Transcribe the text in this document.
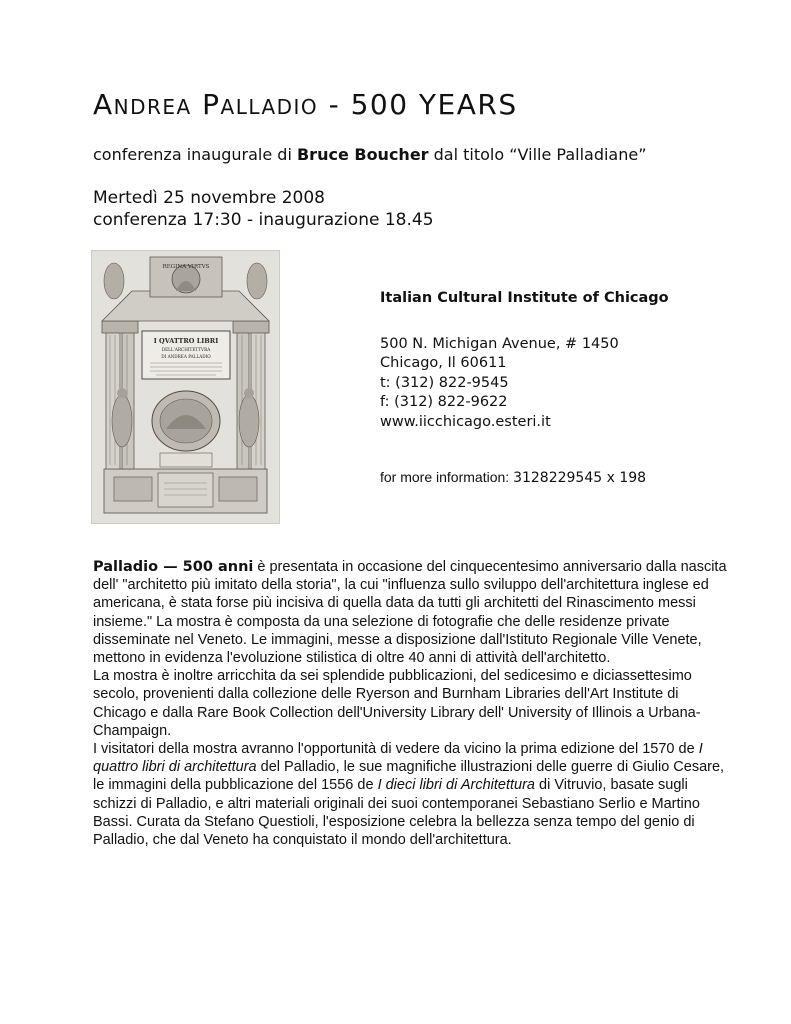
Andrea Palladio - 500 YEARS
conferenza inaugurale di Bruce Boucher dal titolo “Ville Palladiane”
Mertedì 25 novembre 2008
conferenza 17:30 - inaugurazione 18.45
REGINA VIRTVS
I QVATTRO LIBRI
DELL'ARCHITETTVRA
DI ANDREA PALLADIO
Italian Cultural Institute of Chicago
500 N. Michigan Avenue, # 1450
Chicago, Il 60611
t: (312) 822-9545
f: (312) 822-9622
www.iicchicago.esteri.it
for more information: 3128229545 x 198

Palladio — 500 anni è presentata in occasione del cinquecentesimo anniversario dalla nascita dell' "architetto più imitato della storia", la cui "influenza sullo sviluppo dell'architettura inglese ed americana, è stata forse più incisiva di quella data da tutti gli architetti del Rinascimento messi insieme." La mostra è composta da una selezione di fotografie che delle residenze private disseminate nel Veneto. Le immagini, messe a disposizione dall'Istituto Regionale Ville Venete, mettono in evidenza l'evoluzione stilistica di oltre 40 anni di attività dell'architetto.

La mostra è inoltre arricchita da sei splendide pubblicazioni, del sedicesimo e diciassettesimo secolo, provenienti dalla collezione delle Ryerson and Burnham Libraries dell'Art Institute di Chicago e dalla Rare Book Collection dell'University Library dell' University of Illinois a Urbana-Champaign.

I visitatori della mostra avranno l'opportunità di vedere da vicino la prima edizione del 1570 de I quattro libri di architettura del Palladio, le sue magnifiche illustrazioni delle guerre di Giulio Cesare, le immagini della pubblicazione del 1556 de I dieci libri di Architettura di Vitruvio, basate sugli schizzi di Palladio, e altri materiali originali dei suoi contemporanei Sebastiano Serlio e Martino Bassi. Curata da Stefano Questioli, l'esposizione celebra la bellezza senza tempo del genio di Palladio, che dal Veneto ha conquistato il mondo dell'architettura.
